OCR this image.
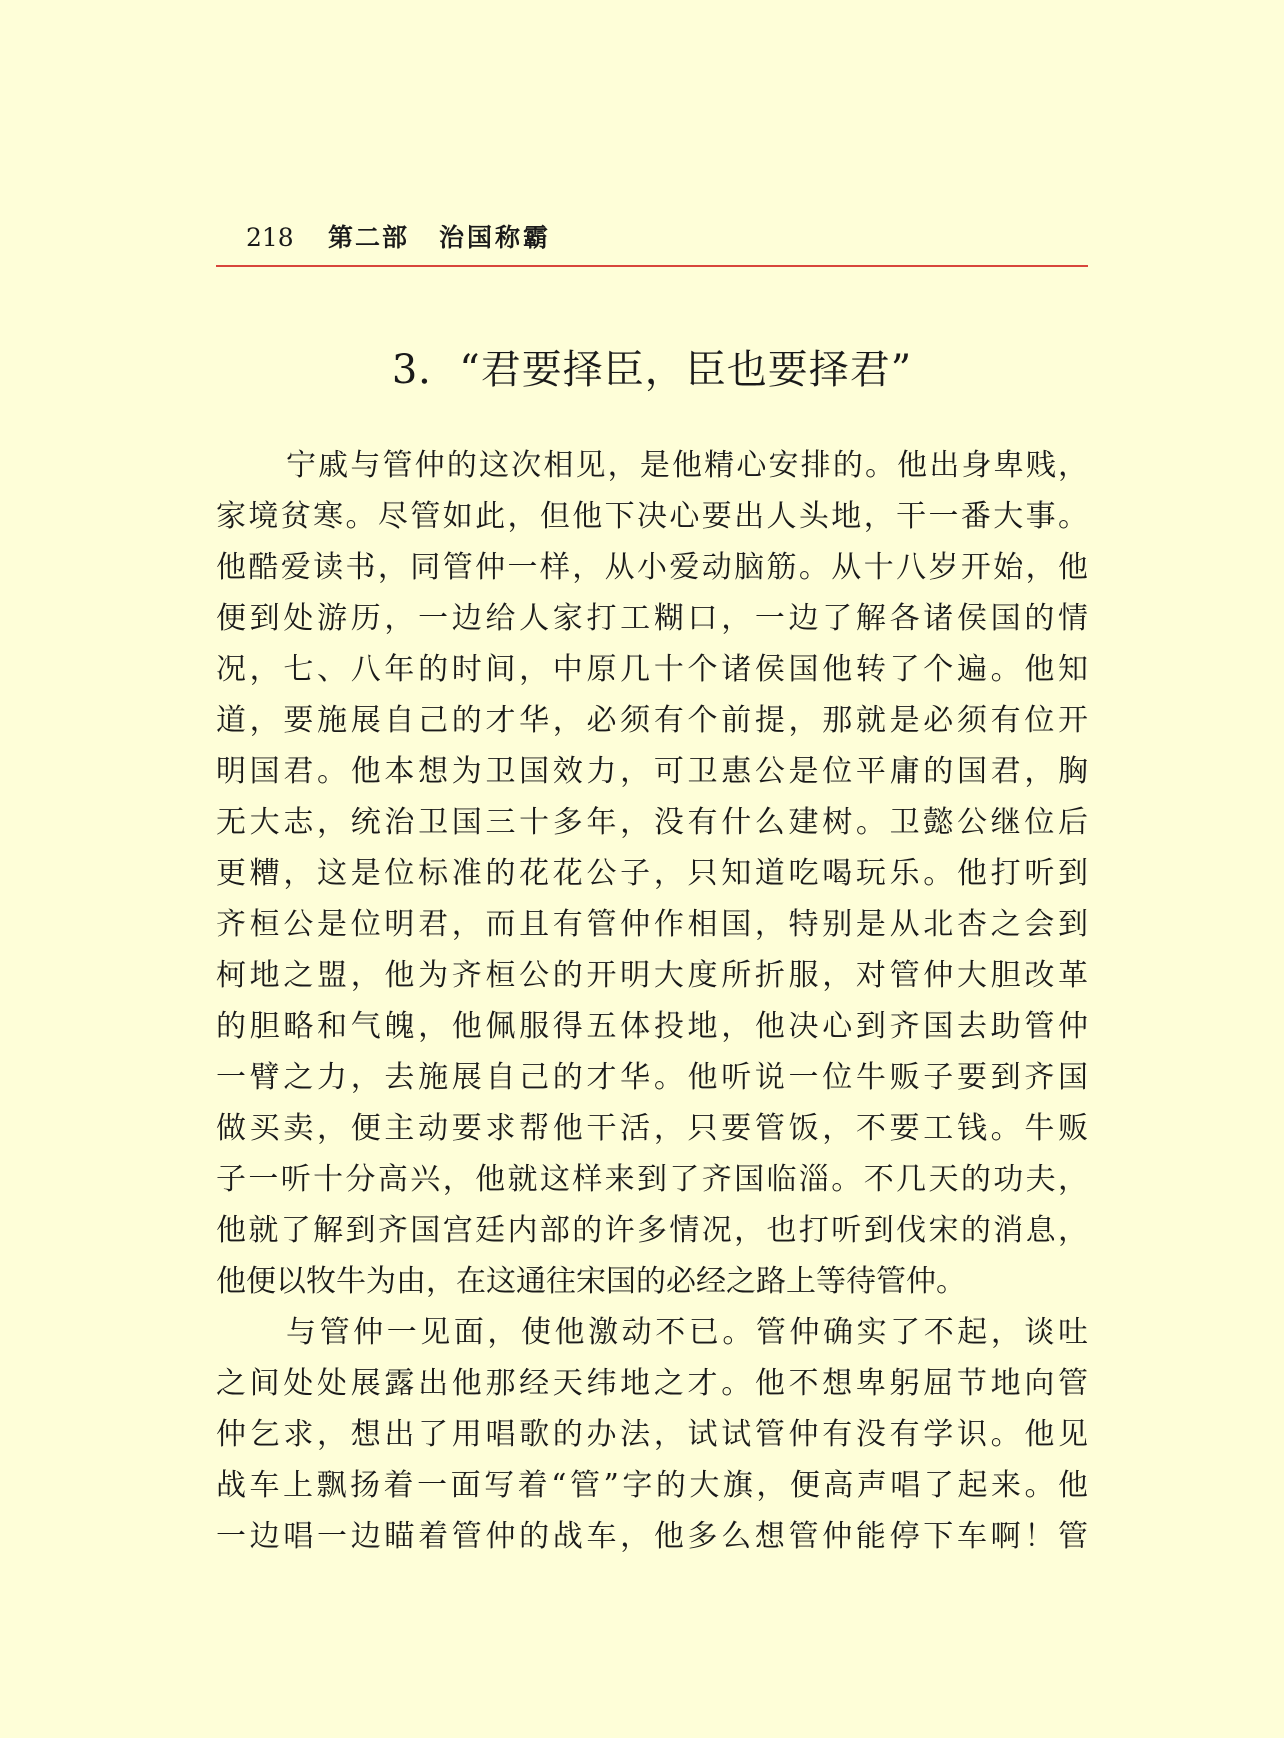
218 第二部 治国称霸
3．“君要择臣，臣也要择君”
宁戚与管仲的这次相见，是他精心安排的。他出身卑贱，
家境贫寒。尽管如此，但他下决心要出人头地，干一番大事。
他酷爱读书，同管仲一样，从小爱动脑筋。从十八岁开始，他
便到处游历，一边给人家打工糊口，一边了解各诸侯国的情
况，七、八年的时间，中原几十个诸侯国他转了个遍。他知
道，要施展自己的才华，必须有个前提，那就是必须有位开
明国君。他本想为卫国效力，可卫惠公是位平庸的国君，胸
无大志，统治卫国三十多年，没有什么建树。卫懿公继位后
更糟，这是位标准的花花公子，只知道吃喝玩乐。他打听到
齐桓公是位明君，而且有管仲作相国，特别是从北杏之会到
柯地之盟，他为齐桓公的开明大度所折服，对管仲大胆改革
的胆略和气魄，他佩服得五体投地，他决心到齐国去助管仲
一臂之力，去施展自己的才华。他听说一位牛贩子要到齐国
做买卖，便主动要求帮他干活，只要管饭，不要工钱。牛贩
子一听十分高兴，他就这样来到了齐国临淄。不几天的功夫，
他就了解到齐国宫廷内部的许多情况，也打听到伐宋的消息，
他便以牧牛为由，在这通往宋国的必经之路上等待管仲。
与管仲一见面，使他激动不已。管仲确实了不起，谈吐
之间处处展露出他那经天纬地之才。他不想卑躬屈节地向管
仲乞求，想出了用唱歌的办法，试试管仲有没有学识。他见
战车上飘扬着一面写着“管”字的大旗，便高声唱了起来。他
一边唱一边瞄着管仲的战车，他多么想管仲能停下车啊！管
